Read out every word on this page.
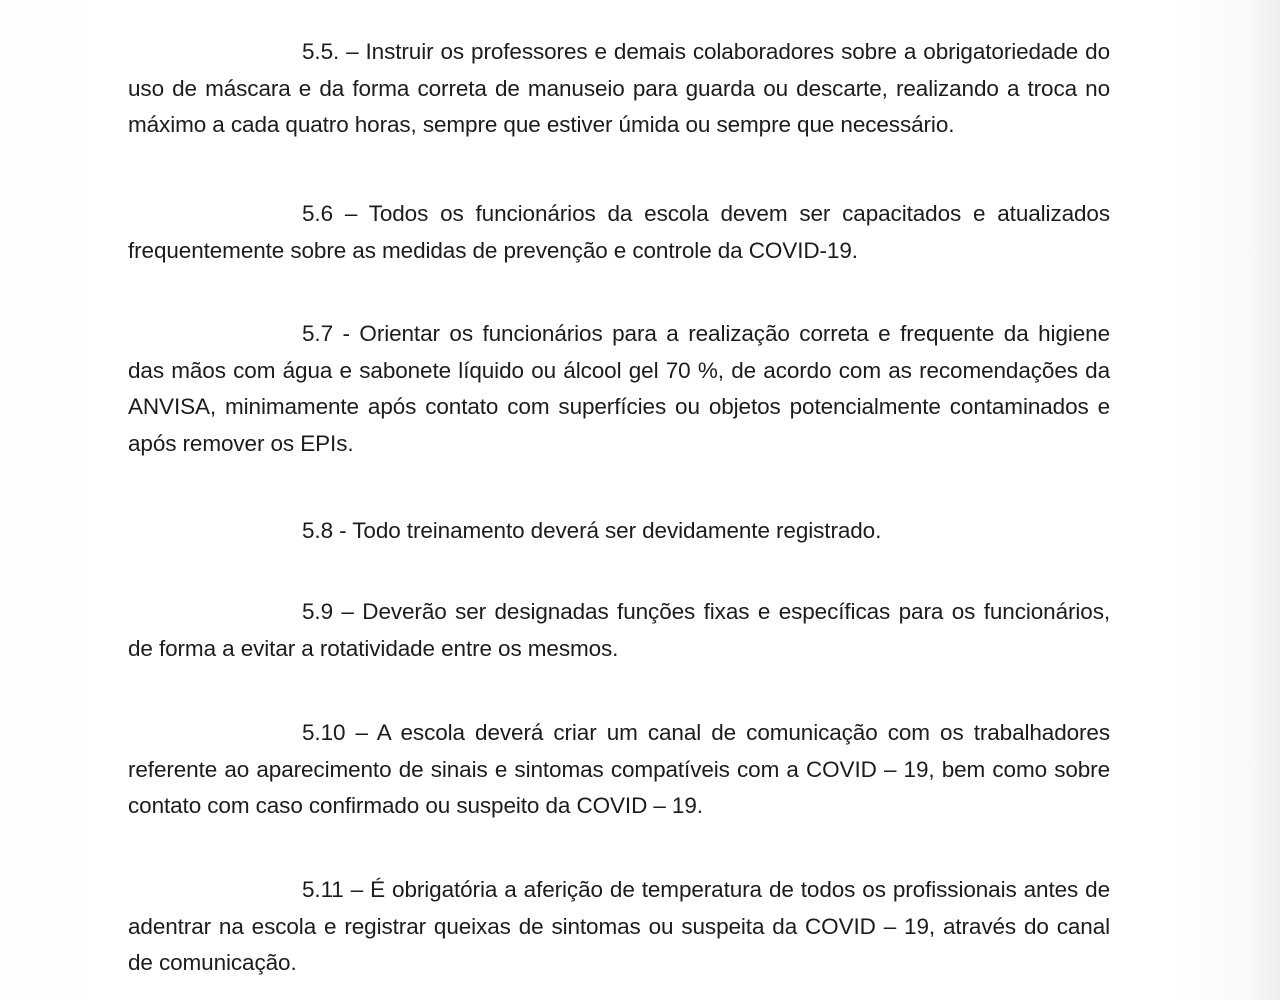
5.5. – Instruir os professores e demais colaboradores sobre a obrigatoriedade do uso de máscara e da forma correta de manuseio para guarda ou descarte, realizando a troca no máximo a cada quatro horas, sempre que estiver úmida ou sempre que necessário.

5.6 – Todos os funcionários da escola devem ser capacitados e atualizados frequentemente sobre as medidas de prevenção e controle da COVID-19.

5.7 - Orientar os funcionários para a realização correta e frequente da higiene das mãos com água e sabonete líquido ou álcool gel 70 %, de acordo com as recomendações da ANVISA, minimamente após contato com superfícies ou objetos potencialmente contaminados e após remover os EPIs.

5.8 - Todo treinamento deverá ser devidamente registrado.

5.9 – Deverão ser designadas funções fixas e específicas para os funcionários, de forma a evitar a rotatividade entre os mesmos.

5.10 – A escola deverá criar um canal de comunicação com os trabalhadores referente ao aparecimento de sinais e sintomas compatíveis com a COVID – 19, bem como sobre contato com caso confirmado ou suspeito da COVID – 19.

5.11 – É obrigatória a aferição de temperatura de todos os profissionais antes de adentrar na escola e registrar queixas de sintomas ou suspeita da COVID – 19, através do canal de comunicação.
